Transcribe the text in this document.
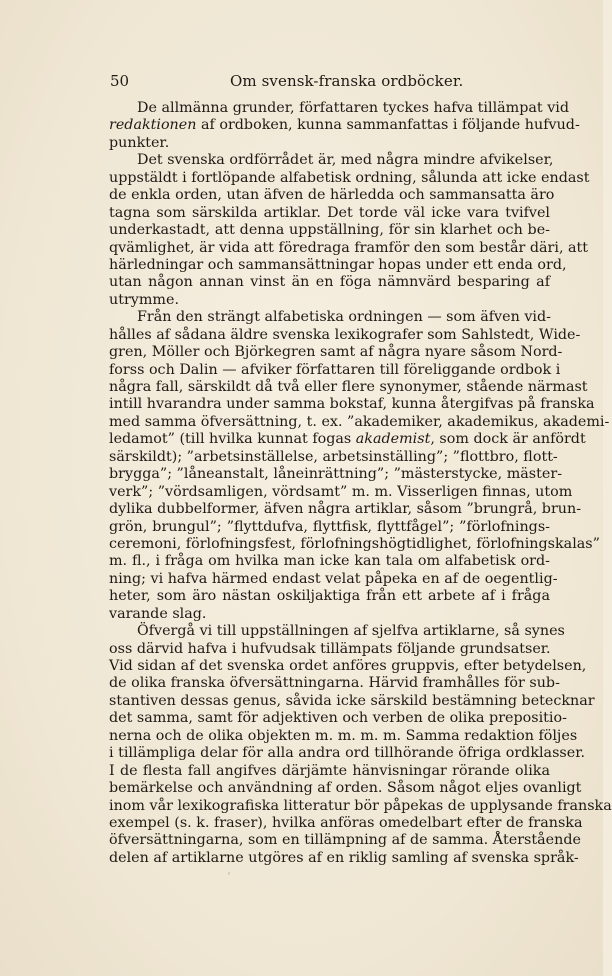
50	Om svensk-franska ordböcker.
De allmänna grunder, författaren tyckes hafva tillämpat vid
redaktionen af ordboken, kunna sammanfattas i följande hufvud-
punkter.
Det svenska ordförrådet är, med några mindre afvikelser,
uppstäldt i fortlöpande alfabetisk ordning, sålunda att icke endast
de enkla orden, utan äfven de härledda och sammansatta äro
tagna som särskilda artiklar. Det torde väl icke vara tvifvel
underkastadt, att denna uppställning, för sin klarhet och be-
qvämlighet, är vida att föredraga framför den som består däri, att
härledningar och sammansättningar hopas under ett enda ord,
utan någon annan vinst än en föga nämnvärd besparing af
utrymme.
Från den strängt alfabetiska ordningen — som äfven vid-
hålles af sådana äldre svenska lexikografer som Sahlstedt, Wide-
gren, Möller och Björkegren samt af några nyare såsom Nord-
forss och Dalin — afviker författaren till föreliggande ordbok i
några fall, särskildt då två eller flere synonymer, stående närmast
intill hvarandra under samma bokstaf, kunna återgifvas på franska
med samma öfversättning, t. ex. ”akademiker, akademikus, akademi-
ledamot” (till hvilka kunnat fogas akademist, som dock är anfördt
särskildt); ”arbetsinställelse, arbetsinställing”; ”flottbro, flott-
brygga”; ”låneanstalt, låneinrättning”; ”mästerstycke, mäster-
verk”; ”vördsamligen, vördsamt” m. m. Visserligen finnas, utom
dylika dubbelformer, äfven några artiklar, såsom ”brungrå, brun-
grön, brungul”; ”flyttdufva, flyttfisk, flyttfågel”; ”förlofnings-
ceremoni, förlofningsfest, förlofningshögtidlighet, förlofningskalas”
m. fl., i fråga om hvilka man icke kan tala om alfabetisk ord-
ning; vi hafva härmed endast velat påpeka en af de oegentlig-
heter, som äro nästan oskiljaktiga från ett arbete af i fråga
varande slag.
Öfvergå vi till uppställningen af sjelfva artiklarne, så synes
oss därvid hafva i hufvudsak tillämpats följande grundsatser.
Vid sidan af det svenska ordet anföres gruppvis, efter betydelsen,
de olika franska öfversättningarna. Härvid framhålles för sub-
stantiven dessas genus, såvida icke särskild bestämning betecknar
det samma, samt för adjektiven och verben de olika prepositio-
nerna och de olika objekten m. m. m. m. Samma redaktion följes
i tillämpliga delar för alla andra ord tillhörande öfriga ordklasser.
I de flesta fall angifves därjämte hänvisningar rörande olika
bemärkelse och användning af orden. Såsom något eljes ovanligt
inom vår lexikografiska litteratur bör påpekas de upplysande franska
exempel (s. k. fraser), hvilka anföras omedelbart efter de franska
öfversättningarna, som en tillämpning af de samma. Återstående
delen af artiklarne utgöres af en riklig samling af svenska språk-
ʻ
